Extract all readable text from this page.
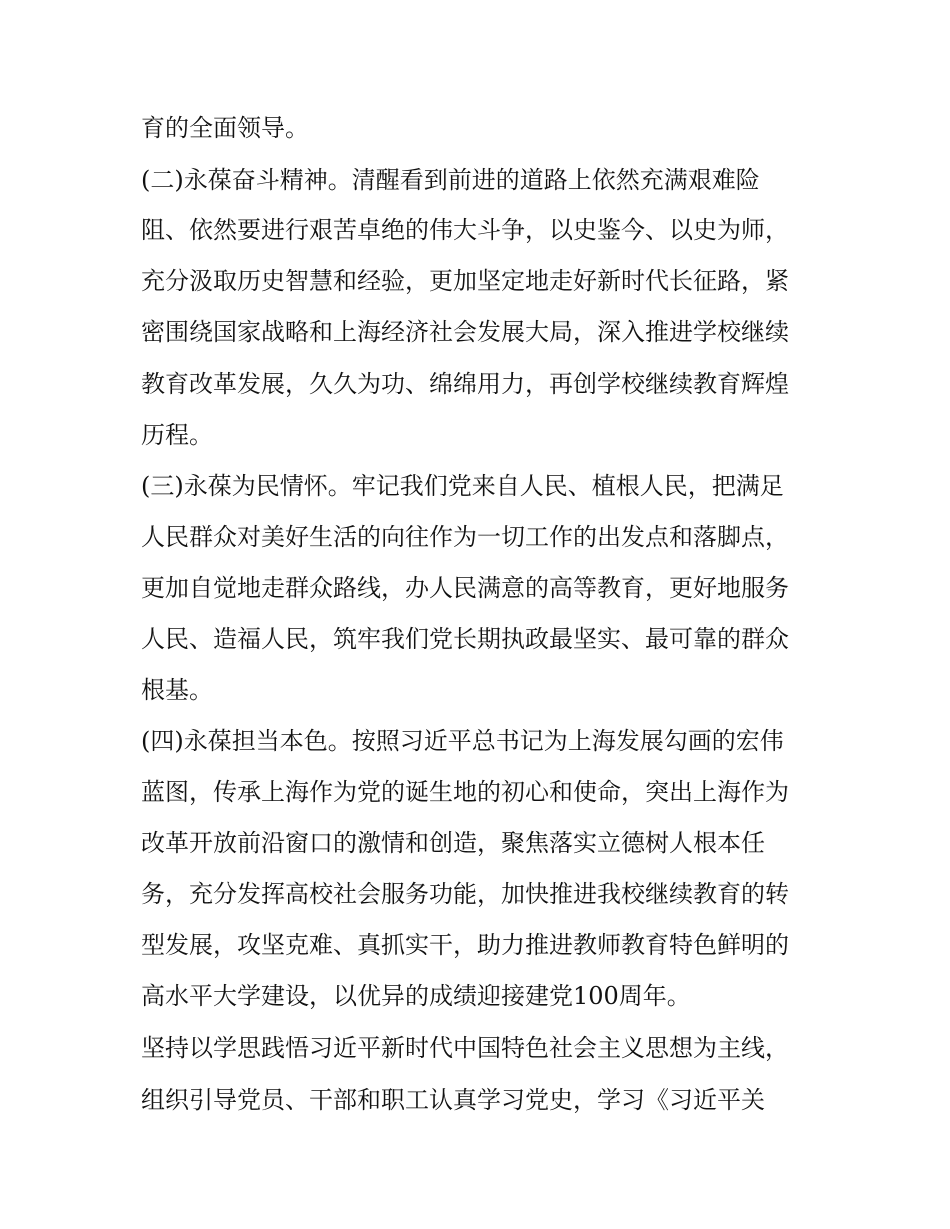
育的全面领导。

(二)永葆奋斗精神。清醒看到前进的道路上依然充满艰难险

阻、依然要进行艰苦卓绝的伟大斗争，以史鉴今、以史为师，

充分汲取历史智慧和经验，更加坚定地走好新时代长征路，紧

密围绕国家战略和上海经济社会发展大局，深入推进学校继续

教育改革发展，久久为功、绵绵用力，再创学校继续教育辉煌

历程。

(三)永葆为民情怀。牢记我们党来自人民、植根人民，把满足

人民群众对美好生活的向往作为一切工作的出发点和落脚点，

更加自觉地走群众路线，办人民满意的高等教育，更好地服务

人民、造福人民，筑牢我们党长期执政最坚实、最可靠的群众

根基。

(四)永葆担当本色。按照习近平总书记为上海发展勾画的宏伟

蓝图，传承上海作为党的诞生地的初心和使命，突出上海作为

改革开放前沿窗口的激情和创造，聚焦落实立德树人根本任

务，充分发挥高校社会服务功能，加快推进我校继续教育的转

型发展，攻坚克难、真抓实干，助力推进教师教育特色鲜明的

高水平大学建设，以优异的成绩迎接建党100周年。

坚持以学思践悟习近平新时代中国特色社会主义思想为主线，

组织引导党员、干部和职工认真学习党史，学习《习近平关
